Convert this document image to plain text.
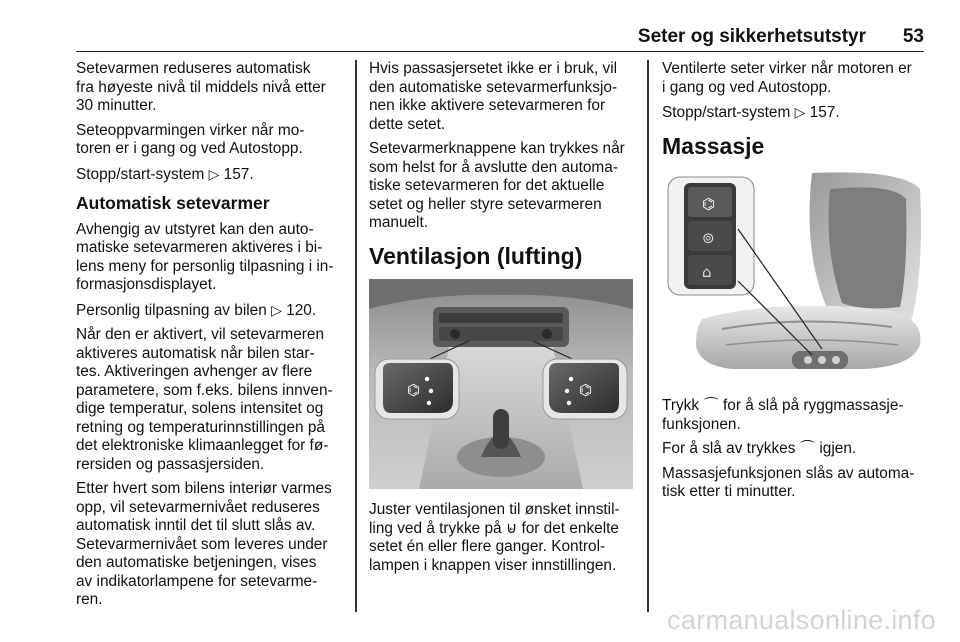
Seter og sikkerhetsutstyr 53

Setevarmen reduseres automatisk
fra høyeste nivå til middels nivå etter
30 minutter.

Seteoppvarmingen virker når mo-
toren er i gang og ved Autostopp.

Stopp/start-system ▷ 157.

Automatisk setevarmer

Avhengig av utstyret kan den auto-
matiske setevarmeren aktiveres i bi-
lens meny for personlig tilpasning i in-
formasjonsdisplayet.

Personlig tilpasning av bilen ▷ 120.

Når den er aktivert, vil setevarmeren
aktiveres automatisk når bilen star-
tes. Aktiveringen avhenger av flere
parametere, som f.eks. bilens innven-
dige temperatur, solens intensitet og
retning og temperaturinnstillingen på
det elektroniske klimaanlegget for fø-
rersiden og passasjersiden.

Etter hvert som bilens interiør varmes
opp, vil setevarmernivået reduseres
automatisk inntil det til slutt slås av.
Setevarmernivået som leveres under
den automatiske betjeningen, vises
av indikatorlampene for setevarme-
ren.

Hvis passasjersetet ikke er i bruk, vil
den automatiske setevarmerfunksjo-
nen ikke aktivere setevarmeren for
dette setet.

Setevarmerknappene kan trykkes når
som helst for å avslutte den automa-
tiske setevarmeren for det aktuelle
setet og heller styre setevarmeren
manuelt.

Ventilasjon (lufting)
⌬	⌬

Juster ventilasjonen til ønsket innstil-
ling ved å trykke på ⊌ for det enkelte
setet én eller flere ganger. Kontrol-
lampen i knappen viser innstillingen.

Ventilerte seter virker når motoren er
i gang og ved Autostopp.

Stopp/start-system ▷ 157.

Massasje
⌬
⊚
⌂

Trykk ⌒ for å slå på ryggmassasje-
funksjonen.

For å slå av trykkes ⌒ igjen.

Massasjefunksjonen slås av automa-
tisk etter ti minutter.

carmanualsonline.info
